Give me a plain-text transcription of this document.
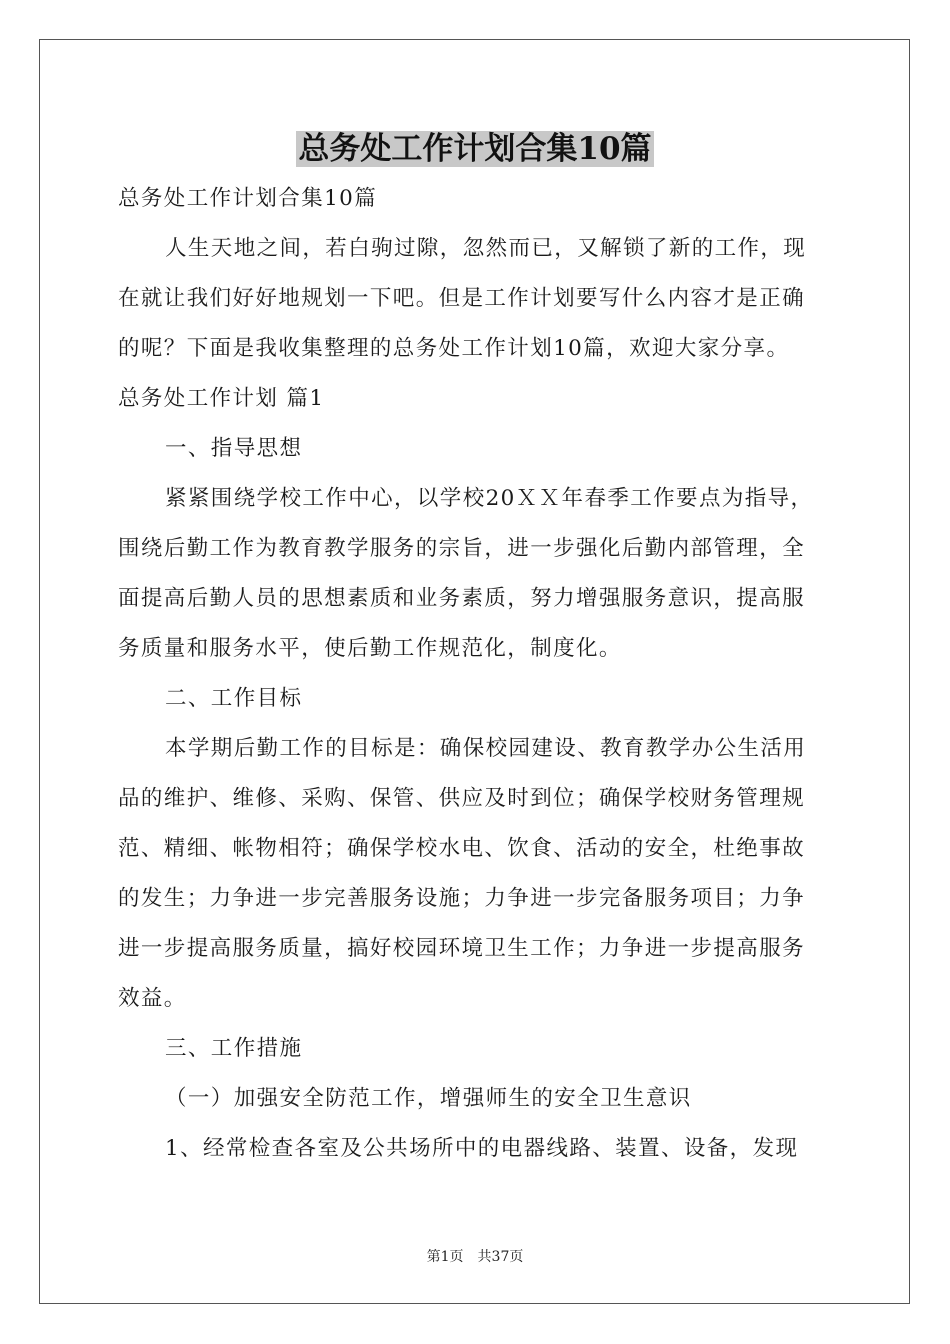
总务处工作计划合集10篇

总务处工作计划合集10篇

人生天地之间，若白驹过隙，忽然而已，又解锁了新的工作，现

在就让我们好好地规划一下吧。但是工作计划要写什么内容才是正确

的呢？下面是我收集整理的总务处工作计划10篇，欢迎大家分享。

总务处工作计划 篇1

一、指导思想

紧紧围绕学校工作中心，以学校20ＸＸ年春季工作要点为指导，

围绕后勤工作为教育教学服务的宗旨，进一步强化后勤内部管理，全

面提高后勤人员的思想素质和业务素质，努力增强服务意识，提高服

务质量和服务水平，使后勤工作规范化，制度化。

二、工作目标

本学期后勤工作的目标是：确保校园建设、教育教学办公生活用

品的维护、维修、采购、保管、供应及时到位；确保学校财务管理规

范、精细、帐物相符；确保学校水电、饮食、活动的安全，杜绝事故

的发生；力争进一步完善服务设施；力争进一步完备服务项目；力争

进一步提高服务质量，搞好校园环境卫生工作；力争进一步提高服务

效益。

三、工作措施

（一）加强安全防范工作，增强师生的安全卫生意识

1、经常检查各室及公共场所中的电器线路、装置、设备，发现

第1页　共37页
